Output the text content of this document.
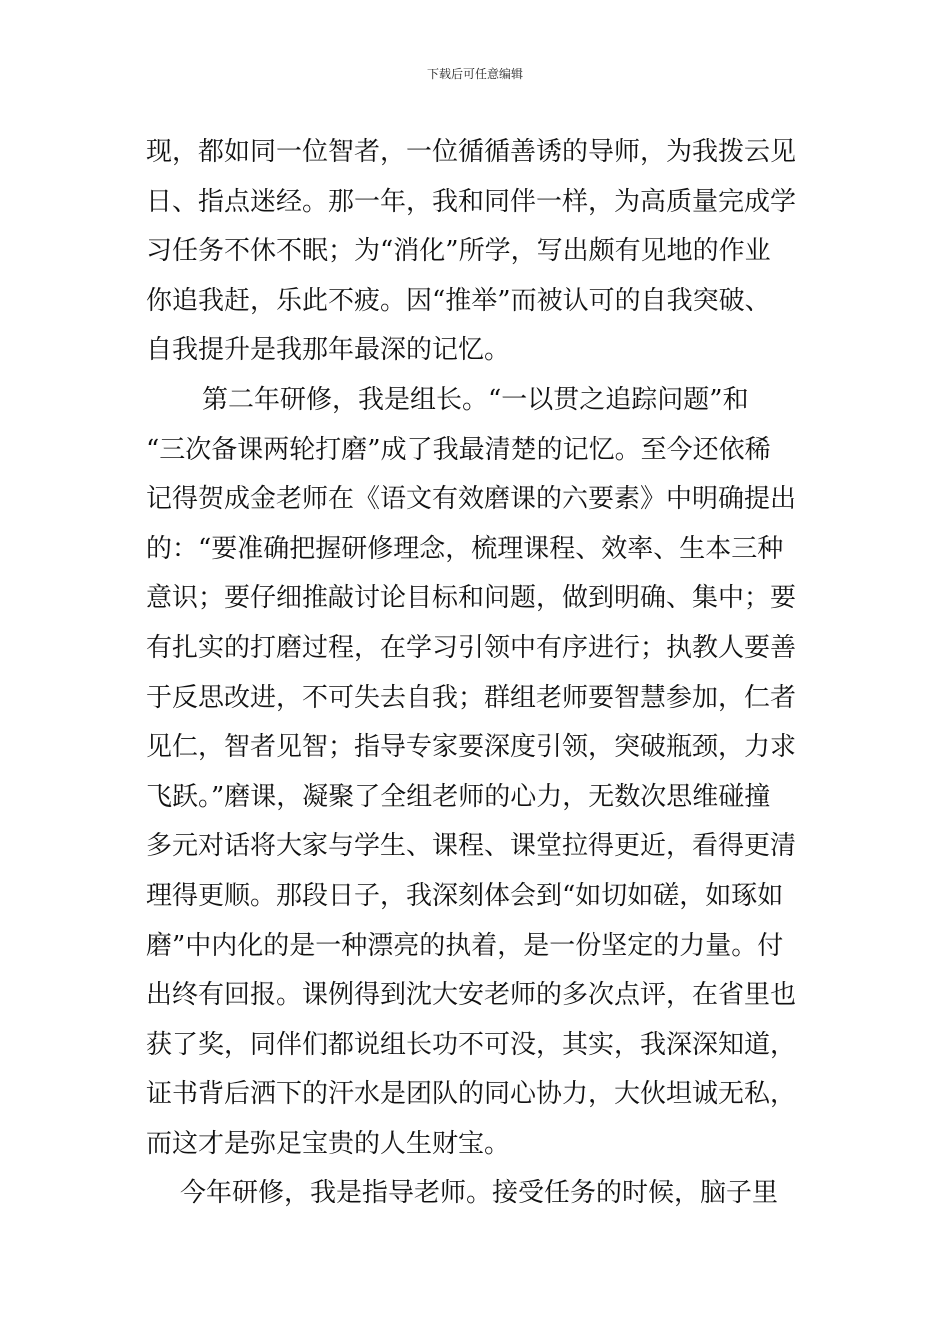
下载后可任意编辑
现，都如同一位智者，一位循循善诱的导师，为我拨云见
日、指点迷经。那一年，我和同伴一样，为高质量完成学
习任务不休不眠；为“消化”所学，写出颇有见地的作业
你追我赶，乐此不疲。因“推举”而被认可的自我突破、
自我提升是我那年最深的记忆。
第二年研修，我是组长。“一以贯之追踪问题”和
“三次备课两轮打磨”成了我最清楚的记忆。至今还依稀
记得贺成金老师在《语文有效磨课的六要素》中明确提出
的：“要准确把握研修理念，梳理课程、效率、生本三种
意识；要仔细推敲讨论目标和问题，做到明确、集中；要
有扎实的打磨过程，在学习引领中有序进行；执教人要善
于反思改进，不可失去自我；群组老师要智慧参加，仁者
见仁，智者见智；指导专家要深度引领，突破瓶颈，力求
飞跃。”磨课，凝聚了全组老师的心力，无数次思维碰撞
多元对话将大家与学生、课程、课堂拉得更近，看得更清
理得更顺。那段日子，我深刻体会到“如切如磋，如琢如
磨”中内化的是一种漂亮的执着，是一份坚定的力量。付
出终有回报。课例得到沈大安老师的多次点评，在省里也
获了奖，同伴们都说组长功不可没，其实，我深深知道，
证书背后洒下的汗水是团队的同心协力，大伙坦诚无私，
而这才是弥足宝贵的人生财宝。
今年研修，我是指导老师。接受任务的时候，脑子里
